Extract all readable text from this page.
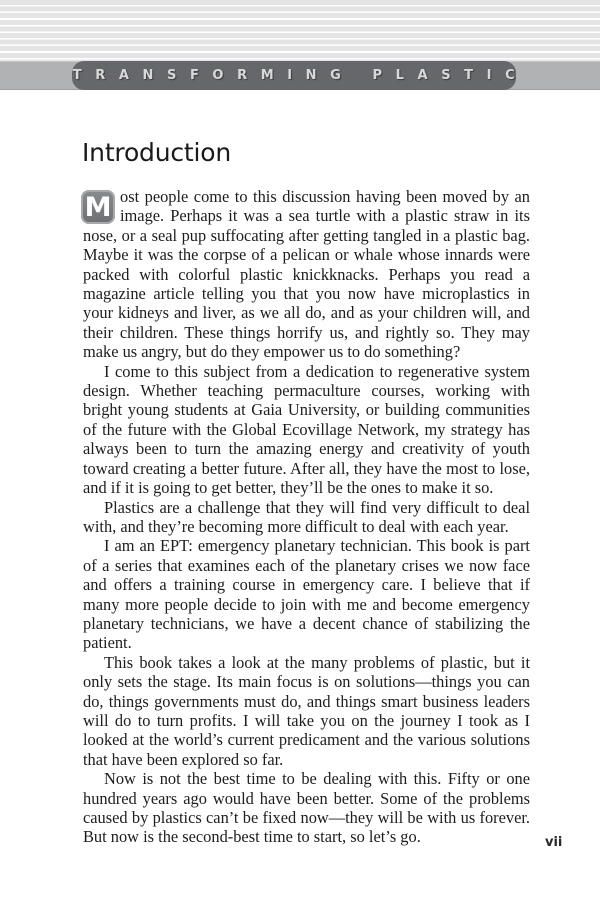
TRANSFORMING PLASTIC
Introduction

M ost people come to this discussion having been moved by an image. Perhaps it was a sea turtle with a plastic straw in its nose, or a seal pup suffocating after getting tangled in a plastic bag. Maybe it was the corpse of a pelican or whale whose innards were packed with colorful plastic knickknacks. Perhaps you read a magazine article telling you that you now have microplastics in your kidneys and liver, as we all do, and as your children will, and their children. These things horrify us, and rightly so. They may make us angry, but do they empower us to do something?

I come to this subject from a dedication to regenerative system design. Whether teaching permaculture courses, working with bright young students at Gaia University, or building communities of the future with the Global Ecovillage Network, my strategy has always been to turn the amazing energy and creativity of youth toward creating a better future. After all, they have the most to lose, and if it is going to get better, they’ll be the ones to make it so.

Plastics are a challenge that they will find very difficult to deal with, and they’re becoming more difficult to deal with each year.

I am an EPT: emergency planetary technician. This book is part of a series that examines each of the planetary crises we now face and offers a training course in emergency care. I believe that if many more people decide to join with me and become emergency planetary technicians, we have a decent chance of stabilizing the patient.

This book takes a look at the many problems of plastic, but it only sets the stage. Its main focus is on solutions—things you can do, things governments must do, and things smart business leaders will do to turn profits. I will take you on the journey I took as I looked at the world’s current predicament and the various solutions that have been explored so far.

Now is not the best time to be dealing with this. Fifty or one hundred years ago would have been better. Some of the problems caused by plastics can’t be fixed now—they will be with us forever. But now is the second-best time to start, so let’s go.	vii
